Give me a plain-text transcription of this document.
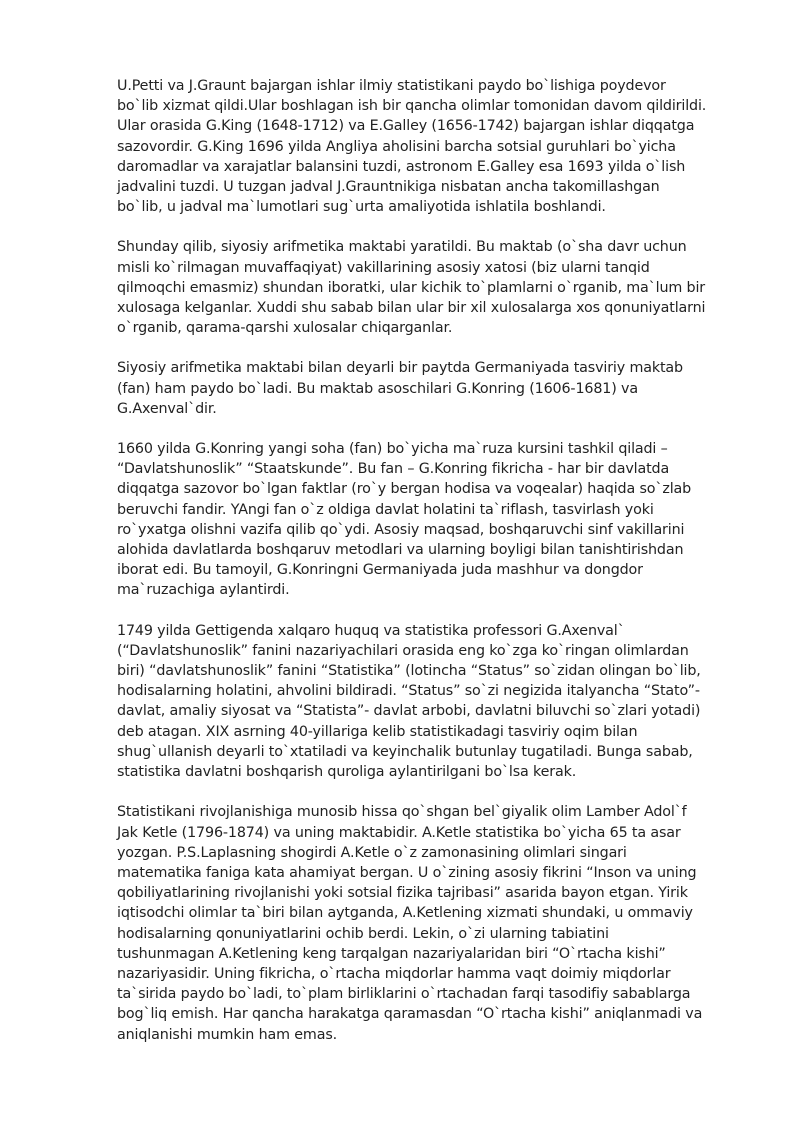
U.Petti va J.Graunt bajargan ishlar ilmiy statistikani paydo bo`lishiga poydevor bo`lib xizmat qildi.Ular boshlagan ish bir qancha olimlar tomonidan davom qildirildi. Ular orasida G.King (1648-1712) va E.Galley (1656-1742) bajargan ishlar diqqatga sazovordir. G.King 1696 yilda Angliya aholisini barcha sotsial guruhlari bo`yicha daromadlar va xarajatlar balansini tuzdi, astronom E.Galley esa 1693 yilda o`lish jadvalini tuzdi. U tuzgan jadval J.Grauntnikiga nisbatan ancha takomillashgan bo`lib, u jadval ma`lumotlari sug`urta amaliyotida ishlatila boshlandi.

Shunday qilib, siyosiy arifmetika maktabi yaratildi. Bu maktab (o`sha davr uchun misli ko`rilmagan muvaffaqiyat) vakillarining asosiy xatosi (biz ularni tanqid qilmoqchi emasmiz) shundan iboratki, ular kichik to`plamlarni o`rganib, ma`lum bir xulosaga kelganlar. Xuddi shu sabab bilan ular bir xil xulosalarga xos qonuniyatlarni o`rganib, qarama-qarshi xulosalar chiqarganlar.

Siyosiy arifmetika maktabi bilan deyarli bir paytda Germaniyada tasviriy maktab (fan) ham paydo bo`ladi. Bu maktab asoschilari G.Konring (1606-1681) va G.Axenval`dir.

1660 yilda G.Konring yangi soha (fan) bo`yicha ma`ruza kursini tashkil qiladi – “Davlatshunoslik” “Staatskunde”. Bu fan – G.Konring fikricha - har bir davlatda diqqatga sazovor bo`lgan faktlar (ro`y bergan hodisa va voqealar) haqida so`zlab beruvchi fandir. YAngi fan o`z oldiga davlat holatini ta`riflash, tasvirlash yoki ro`yxatga olishni vazifa qilib qo`ydi. Asosiy maqsad, boshqaruvchi sinf vakillarini alohida davlatlarda boshqaruv metodlari va ularning boyligi bilan tanishtirishdan iborat edi. Bu tamoyil, G.Konringni Germaniyada juda mashhur va dongdor ma`ruzachiga aylantirdi.

1749 yilda Gettigenda xalqaro huquq va statistika professori G.Axenval` (“Davlatshunoslik” fanini nazariyachilari orasida eng ko`zga ko`ringan olimlardan biri) “davlatshunoslik” fanini “Statistika” (lotincha “Status” so`zidan olingan bo`lib, hodisalarning holatini, ahvolini bildiradi. “Status” so`zi negizida italyancha “Stato”- davlat, amaliy siyosat va “Statista”- davlat arbobi, davlatni biluvchi so`zlari yotadi) deb atagan. XIX asrning 40-yillariga kelib statistikadagi tasviriy oqim bilan shug`ullanish deyarli to`xtatiladi va keyinchalik butunlay tugatiladi. Bunga sabab, statistika davlatni boshqarish quroliga aylantirilgani bo`lsa kerak.

Statistikani rivojlanishiga munosib hissa qo`shgan bel`giyalik olim Lamber Adol`f Jak Ketle (1796-1874) va uning maktabidir. A.Ketle statistika bo`yicha 65 ta asar yozgan. P.S.Laplasning shogirdi A.Ketle o`z zamonasining olimlari singari matematika faniga kata ahamiyat bergan. U o`zining asosiy fikrini “Inson va uning qobiliyatlarining rivojlanishi yoki sotsial fizika tajribasi” asarida bayon etgan. Yirik iqtisodchi olimlar ta`biri bilan aytganda, A.Ketlening xizmati shundaki, u ommaviy hodisalarning qonuniyatlarini ochib berdi. Lekin, o`zi ularning tabiatini tushunmagan A.Ketlening keng tarqalgan nazariyalaridan biri “O`rtacha kishi” nazariyasidir. Uning fikricha, o`rtacha miqdorlar hamma vaqt doimiy miqdorlar ta`sirida paydo bo`ladi, to`plam birliklarini o`rtachadan farqi tasodifiy sabablarga bog`liq emish. Har qancha harakatga qaramasdan “O`rtacha kishi” aniqlanmadi va aniqlanishi mumkin ham emas.
